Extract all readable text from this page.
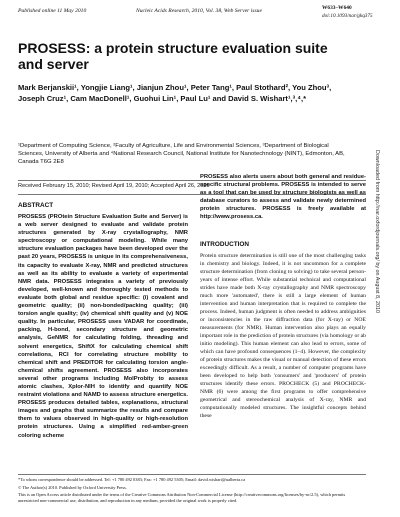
Published online 11 May 2010	Nucleic Acids Research, 2010, Vol. 38, Web Server issue	W633–W640
doi:10.1093/nar/gkq375
PROSESS: a protein structure evaluation suite and server
Mark Berjanskii¹, Yongjie Liang¹, Jianjun Zhou¹, Peter Tang¹, Paul Stothard², You Zhou³, Joseph Cruz¹, Cam MacDonell¹, Guohui Lin¹, Paul Lu¹ and David S. Wishart¹,³,⁴,*
¹Department of Computing Science, ²Faculty of Agriculture, Life and Environmental Sciences, ³Department of Biological Sciences, University of Alberta and ⁴National Research Council, National Institute for Nanotechnology (NINT), Edmonton, AB, Canada T6G 2E8
Received February 15, 2010; Revised April 19, 2010; Accepted April 26, 2010
ABSTRACT
PROSESS (PROtein Structure Evaluation Suite and Server) is a web server designed to evaluate and validate protein structures generated by X-ray crystallography, NMR spectroscopy or computational modeling. While many structure evaluation packages have been developed over the past 20 years, PROSESS is unique in its comprehensiveness, its capacity to evaluate X-ray, NMR and predicted structures as well as its ability to evaluate a variety of experimental NMR data. PROSESS integrates a variety of previously developed, well-known and thoroughly tested methods to evaluate both global and residue specific: (i) covalent and geometric quality; (ii) non-bonded/packing quality; (iii) torsion angle quality; (iv) chemical shift quality and (v) NOE quality. In particular, PROSESS uses VADAR for coordinate, packing, H-bond, secondary structure and geometric analysis, GeNMR for calculating folding, threading and solvent energetics, ShiftX for calculating chemical shift correlations, RCI for correlating structure mobility to chemical shift and PREDITOR for calculating torsion angle-chemical shifts agreement. PROSESS also incorporates several other programs including MolProbity to assess atomic clashes, Xplor-NIH to identify and quantify NOE restraint violations and NAMD to assess structure energetics. PROSESS produces detailed tables, explanations, structural images and graphs that summarize the results and compare them to values observed in high-quality or high-resolution protein structures. Using a simplified red-amber-green coloring scheme
PROSESS also alerts users about both general and residue-specific structural problems. PROSESS is intended to serve as a tool that can be used by structure biologists as well as database curators to assess and validate newly determined protein structures. PROSESS is freely available at http://www.prosess.ca.
INTRODUCTION
Protein structure determination is still one of the most challenging tasks in chemistry and biology. Indeed, it is not uncommon for a complete structure determination (from cloning to solving) to take several person-years of intense effort. While substantial technical and computational strides have made both X-ray crystallography and NMR spectroscopy much more 'automated', there is still a large element of human intervention and human interpretation that is required to complete the process. Indeed, human judgment is often needed to address ambiguities or inconsistencies in the raw diffraction data (for X-ray) or NOE measurements (for NMR). Human intervention also plays an equally important role in the prediction of protein structures (via homology or ab initio modeling). This human element can also lead to errors, some of which can have profound consequences (1–4). However, the complexity of protein structures makes the visual or manual detection of these errors exceedingly difficult. As a result, a number of computer programs have been developed to help both 'consumers' and 'producers' of protein structures identify these errors. PROCHECK (5) and PROCHECK-NMR (6) were among the first programs to offer comprehensive geometrical and stereochemical analysis of X-ray, NMR and computationally modeled structures. The insightful concepts behind these

*To whom correspondence should be addressed. Tel: +1 780 492 0383; Fax: +1 780 492 5305; Email: david.wishart@ualberta.ca

© The Author(s) 2010. Published by Oxford University Press.

This is an Open Access article distributed under the terms of the Creative Commons Attribution Non-Commercial License (http://creativecommons.org/licenses/by-nc/2.5), which permits unrestricted non-commercial use, distribution, and reproduction in any medium, provided the original work is properly cited.

Downloaded from http://nar.oxfordjournals.org/ by on August 8, 2010
